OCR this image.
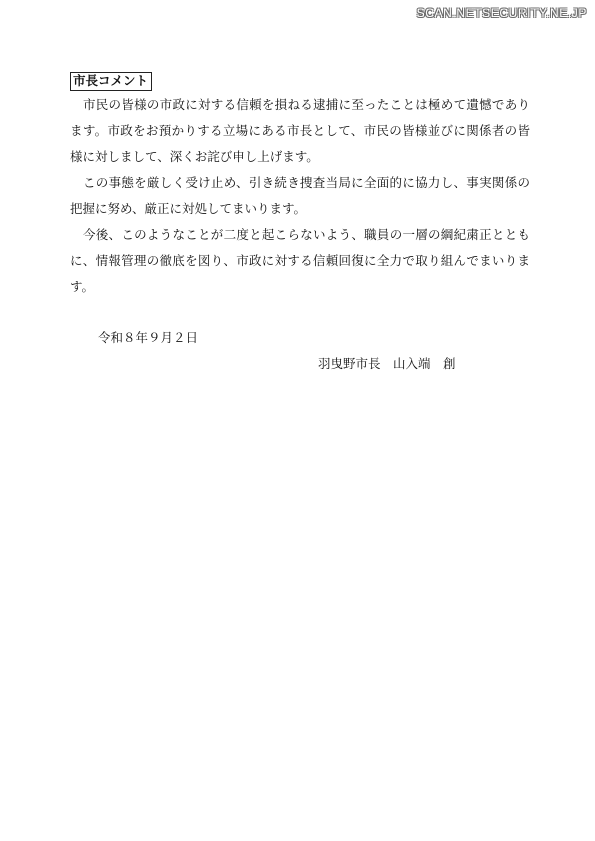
SCAN.NETSECURITY.NE.JP
市長コメント

市民の皆様の市政に対する信頼を損ねる逮捕に至ったことは極めて遺憾であります。市政をお預かりする立場にある市長として、市民の皆様並びに関係者の皆様に対しまして、深くお詫び申し上げます。

この事態を厳しく受け止め、引き続き捜査当局に全面的に協力し、事実関係の把握に努め、厳正に対処してまいります。

今後、このようなことが二度と起こらないよう、職員の一層の綱紀粛正とともに、情報管理の徹底を図り、市政に対する信頼回復に全力で取り組んでまいります。

令和８年９月２日
羽曳野市長　山入端　創
